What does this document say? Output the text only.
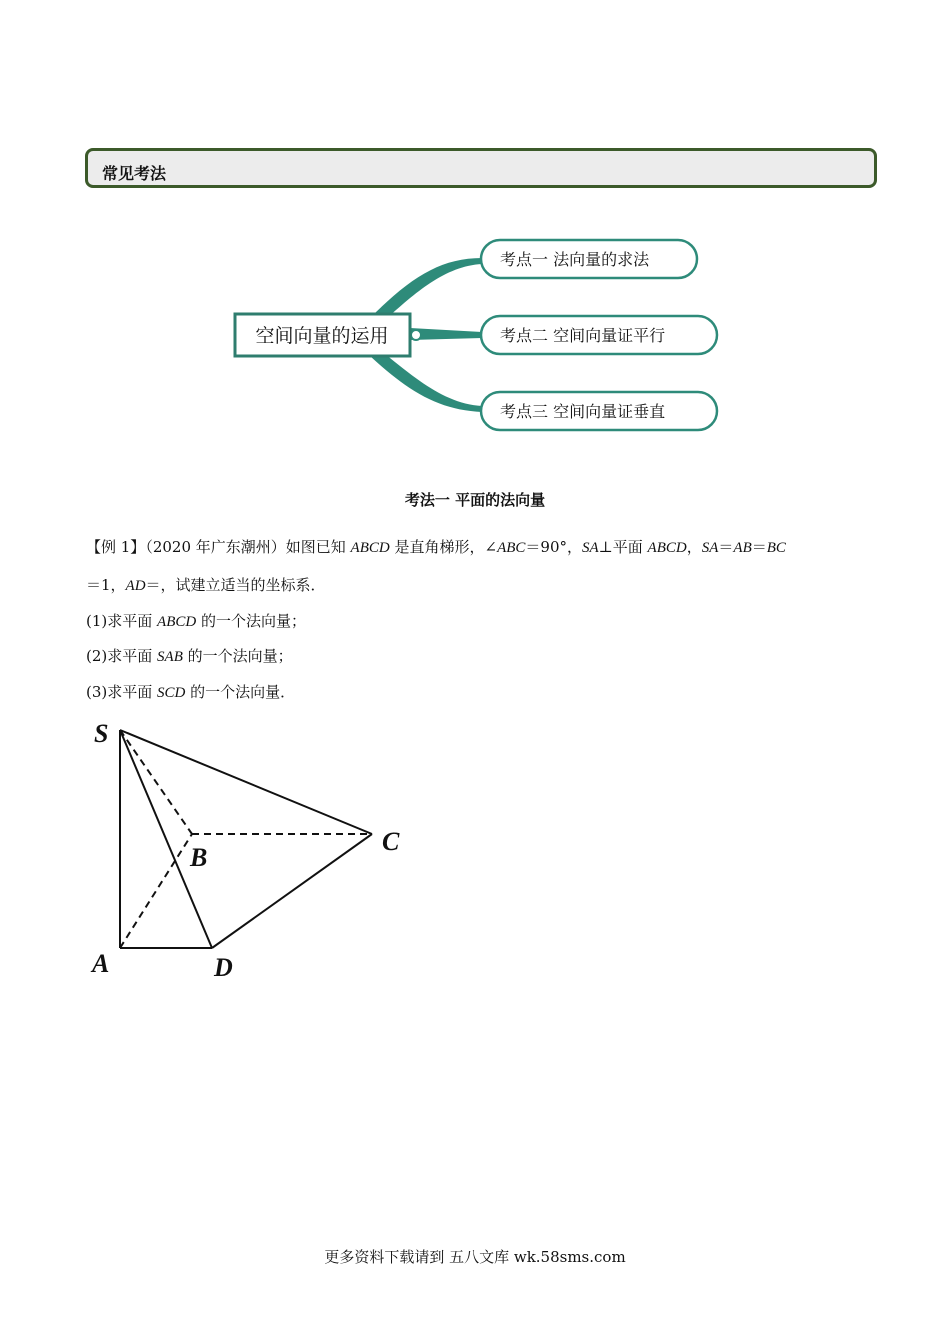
常见考法
空间向量的运用
考点一 法向量的求法
考点二 空间向量证平行
考点三 空间向量证垂直
考法一 平面的法向量
【例 1】（2020 年广东潮州）如图已知 ABCD 是直角梯形，∠ABC＝90°，SA⊥平面 ABCD，SA＝AB＝BC
＝1，AD＝，试建立适当的坐标系．
(1)求平面 ABCD 的一个法向量；
(2)求平面 SAB 的一个法向量；
(3)求平面 SCD 的一个法向量．
S
B
C
A	D
更多资料下载请到 五八文库 wk.58sms.com
